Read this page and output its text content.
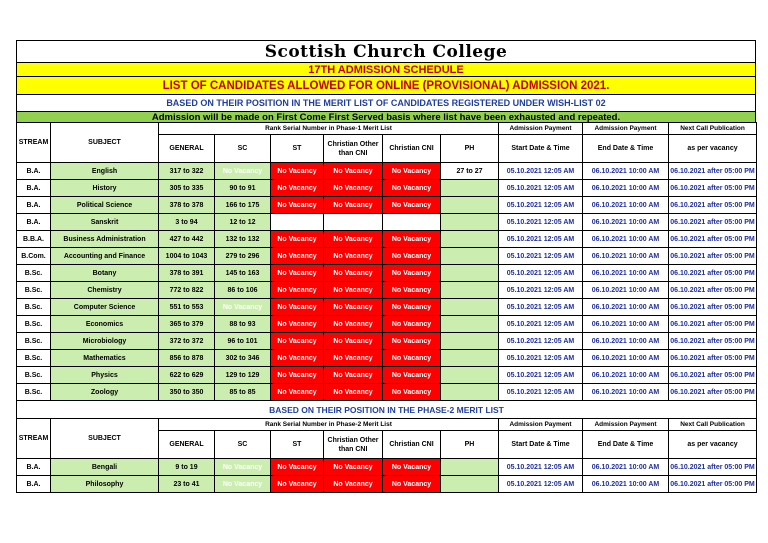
Scottish Church College
17TH ADMISSION SCHEDULE
LIST OF CANDIDATES ALLOWED FOR ONLINE (PROVISIONAL) ADMISSION 2021.
BASED ON THEIR POSITION IN THE MERIT LIST OF CANDIDATES REGISTERED UNDER WISH-LIST 02
Admission will be made on First Come First Served basis where list have been exhausted and repeated.
STREAM	SUBJECT	Rank Serial Number in Phase-1 Merit List						Admission Payment	Admission Payment	Next Call Publication
		GENERAL	SC	ST	Christian Other than CNI	Christian CNI	PH	Start Date & Time	End Date & Time	as per vacancy
B.A.	English	317 to 322	No Vacancy	No Vacancy	No Vacancy	No Vacancy	27 to 27	05.10.2021 12:05 AM	06.10.2021 10:00 AM	06.10.2021 after 05:00 PM
B.A.	History	305 to 335	90 to 91	No Vacancy	No Vacancy	No Vacancy		05.10.2021 12:05 AM	06.10.2021 10:00 AM	06.10.2021 after 05:00 PM
B.A.	Political Science	378 to 378	166 to 175	No Vacancy	No Vacancy	No Vacancy		05.10.2021 12:05 AM	06.10.2021 10:00 AM	06.10.2021 after 05:00 PM
B.A.	Sanskrit	3 to 94	12 to 12					05.10.2021 12:05 AM	06.10.2021 10:00 AM	06.10.2021 after 05:00 PM
B.B.A.	Business Administration	427 to 442	132 to 132	No Vacancy	No Vacancy	No Vacancy		05.10.2021 12:05 AM	06.10.2021 10:00 AM	06.10.2021 after 05:00 PM
B.Com.	Accounting and Finance	1004 to 1043	279 to 296	No Vacancy	No Vacancy	No Vacancy		05.10.2021 12:05 AM	06.10.2021 10:00 AM	06.10.2021 after 05:00 PM
B.Sc.	Botany	378 to 391	145 to 163	No Vacancy	No Vacancy	No Vacancy		05.10.2021 12:05 AM	06.10.2021 10:00 AM	06.10.2021 after 05:00 PM
B.Sc.	Chemistry	772 to 822	86 to 106	No Vacancy	No Vacancy	No Vacancy		05.10.2021 12:05 AM	06.10.2021 10:00 AM	06.10.2021 after 05:00 PM
B.Sc.	Computer Science	551 to 553	No Vacancy	No Vacancy	No Vacancy	No Vacancy		05.10.2021 12:05 AM	06.10.2021 10:00 AM	06.10.2021 after 05:00 PM
B.Sc.	Economics	365 to 379	88 to 93	No Vacancy	No Vacancy	No Vacancy		05.10.2021 12:05 AM	06.10.2021 10:00 AM	06.10.2021 after 05:00 PM
B.Sc.	Microbiology	372 to 372	96 to 101	No Vacancy	No Vacancy	No Vacancy		05.10.2021 12:05 AM	06.10.2021 10:00 AM	06.10.2021 after 05:00 PM
B.Sc.	Mathematics	856 to 878	302 to 346	No Vacancy	No Vacancy	No Vacancy		05.10.2021 12:05 AM	06.10.2021 10:00 AM	06.10.2021 after 05:00 PM
B.Sc.	Physics	622 to 629	129 to 129	No Vacancy	No Vacancy	No Vacancy		05.10.2021 12:05 AM	06.10.2021 10:00 AM	06.10.2021 after 05:00 PM
B.Sc.	Zoology	350 to 350	85 to 85	No Vacancy	No Vacancy	No Vacancy		05.10.2021 12:05 AM	06.10.2021 10:00 AM	06.10.2021 after 05:00 PM
BASED ON THEIR POSITION IN THE PHASE-2 MERIT LIST										
STREAM	SUBJECT	Rank Serial Number in Phase-2 Merit List						Admission Payment	Admission Payment	Next Call Publication
		GENERAL	SC	ST	Christian Other than CNI	Christian CNI	PH	Start Date & Time	End Date & Time	as per vacancy
B.A.	Bengali	9 to 19	No Vacancy	No Vacancy	No Vacancy	No Vacancy		05.10.2021 12:05 AM	06.10.2021 10:00 AM	06.10.2021 after 05:00 PM
B.A.	Philosophy	23 to 41	No Vacancy	No Vacancy	No Vacancy	No Vacancy		05.10.2021 12:05 AM	06.10.2021 10:00 AM	06.10.2021 after 05:00 PM
